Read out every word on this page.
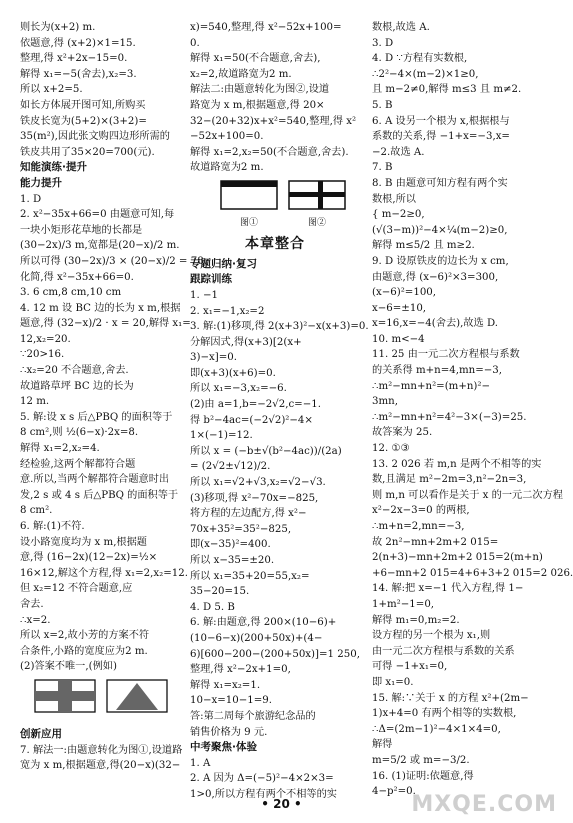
则长为(x+2) m.
依题意,得 (x+2)×1=15.
整理,得 x²+2x−15=0.
解得 x₁=−5(舍去),x₂=3.
所以 x+2=5.
如长方体展开图可知,所购买
铁皮长宽为(5+2)×(3+2)=
35(m²),因此张文购四边形所需的
铁皮共用了35×20=700(元).
知能演练·提升
能力提升
1. D
2. x²−35x+66=0 由题意可知,每
一块小矩形花草地的长都是
(30−2x)/3 m,宽都是(20−x)/2 m.
所以可得 (30−2x)/3 × (20−x)/2 = 78.
化简,得 x²−35x+66=0.
3. 6 cm,8 cm,10 cm
4. 12 m 设 BC 边的长为 x m,根据
题意,得 (32−x)/2 · x = 20,解得 x₁=
12,x₂=20.
∵20>16.
∴x₂=20 不合题意,舍去.
故道路草坪 BC 边的长为
12 m.
5. 解:设 x s 后△PBQ 的面积等于
8 cm²,则 ½(6−x)·2x=8.
解得 x₁=2,x₂=4.
经检验,这两个解都符合题
意.所以,当两个解都符合题意时出
发,2 s 或 4 s 后△PBQ 的面积等于
8 cm².
6. 解:(1)不符.
设小路宽度均为 x m,根据题
意,得 (16−2x)(12−2x)=½×
16×12,解这个方程,得 x₁=2,x₂=12.
但 x₂=12 不符合题意,应
舍去.
∴x=2.
所以 x=2,故小芳的方案不符
合条件,小路的宽度应为2 m.
(2)答案不唯一,(例如)
创新应用
7. 解法一:由题意转化为图①,设道路
宽为 x m,根据题意,得(20−x)(32−
x)=540,整理,得 x²−52x+100=
0.
解得 x₁=50(不合题意,舍去),
x₂=2,故道路宽为2 m.
解法二:由题意转化为图②,设道
路宽为 x m,根据题意,得 20×
32−(20+32)x+x²=540,整理,得 x²
−52x+100=0.
解得 x₁=2,x₂=50(不合题意,舍去).
故道路宽为2 m.
图①	图②
本章整合
专题归纳·复习
跟踪训练
1. −1
2. x₁=−1,x₂=2
3. 解:(1)移项,得 2(x+3)²−x(x+3)=0.
分解因式,得(x+3)[2(x+
3)−x]=0.
即(x+3)(x+6)=0.
所以 x₁=−3,x₂=−6.
(2)由 a=1,b=−2√2,c=−1.
得 b²−4ac=(−2√2)²−4×
1×(−1)=12.
所以 x = (−b±√(b²−4ac))/(2a)
= (2√2±√12)/2.
所以 x₁=√2+√3,x₂=√2−√3.
(3)移项,得 x²−70x=−825,
将方程的左边配方,得 x²−
70x+35²=35²−825,
即(x−35)²=400.
所以 x−35=±20.
所以 x₁=35+20=55,x₂=
35−20=15.
4. D 5. B
6. 解:由题意,得 200×(10−6)+
(10−6−x)(200+50x)+(4−
6)[600−200−(200+50x)]=1 250,
整理,得 x²−2x+1=0,
解得 x₁=x₂=1.
10−x=10−1=9.
答:第二周每个旅游纪念品的
销售价格为 9 元.
中考聚焦·体验
1. A
2. A 因为 Δ=(−5)²−4×2×3=
1>0,所以方程有两个不相等的实
数根,故选 A.
3. D
4. D ∵方程有实数根,
∴2²−4×(m−2)×1≥0,
且 m−2≠0,解得 m≤3 且 m≠2.
5. B
6. A 设另一个根为 x,根据根与
系数的关系,得 −1+x=−3,x=
−2.故选 A.
7. B
8. B 由题意可知方程有两个实
数根,所以
{ m−2≥0,
(√(3−m))²−4×¼(m−2)≥0,
解得 m≤5/2 且 m≥2.
9. D 设原铁皮的边长为 x cm,
由题意,得 (x−6)²×3=300,
(x−6)²=100,
x−6=±10,
x=16,x=−4(舍去),故选 D.
10. m<−4
11. 25 由一元二次方程根与系数
的关系得 m+n=4,mn=−3,
∴m²−mn+n²=(m+n)²−
3mn,
∴m²−mn+n²=4²−3×(−3)=25.
故答案为 25.
12. ①③
13. 2 026 若 m,n 是两个不相等的实
数,且满足 m²−2m=3,n²−2n=3,
则 m,n 可以看作是关于 x 的一元二次方程
x²−2x−3=0 的两根,
∴m+n=2,mn=−3,
故 2n²−mn+2m+2 015=
2(n+3)−mn+2m+2 015=2(m+n)
+6−mn+2 015=4+6+3+2 015=2 026.
14. 解:把 x=−1 代入方程,得 1−
1+m²−1=0,
解得 m₁=0,m₂=2.
设方程的另一个根为 x₁,则
由一元二次方程根与系数的关系
可得 −1+x₁=0,
即 x₁=0.
15. 解:∵关于 x 的方程 x²+(2m−
1)x+4=0 有两个相等的实数根,
∴Δ=(2m−1)²−4×1×4=0,
解得
m=5/2 或 m=−3/2.
16. (1)证明:依题意,得
4−p²=0.
• 20 •	MXQE.COM
